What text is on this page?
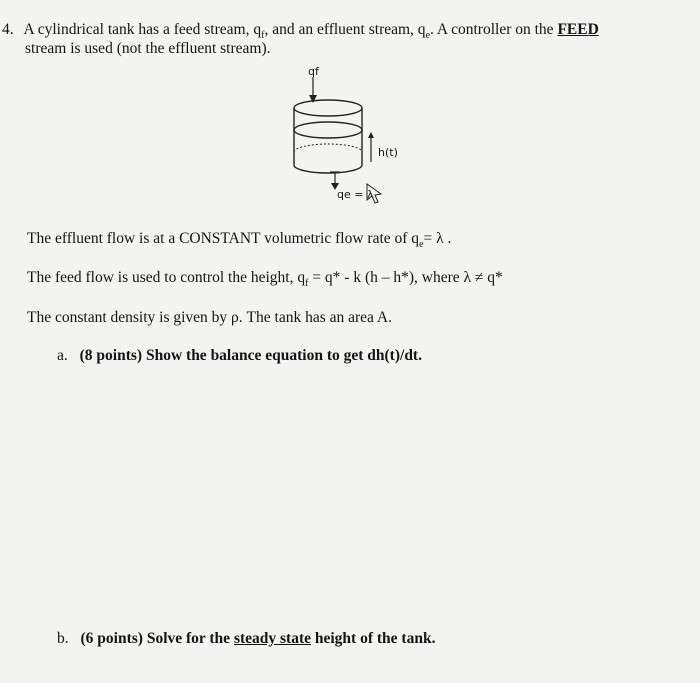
4. A cylindrical tank has a feed stream, $q_f$, and an effluent stream, $q_e$. A controller on the FEED
stream is used (not the effluent stream).
qf
h(t)
qe = λ
The effluent flow is at a CONSTANT volumetric flow rate of $q_e= \lambda$ .
The feed flow is used to control the height, $q_f = q* - k$ (h – h*), where λ ≠ q*
The constant density is given by ρ. The tank has an area A.
a. (8 points) Show the balance equation to get dh(t)/dt.
b. (6 points) Solve for the steady state height of the tank.
